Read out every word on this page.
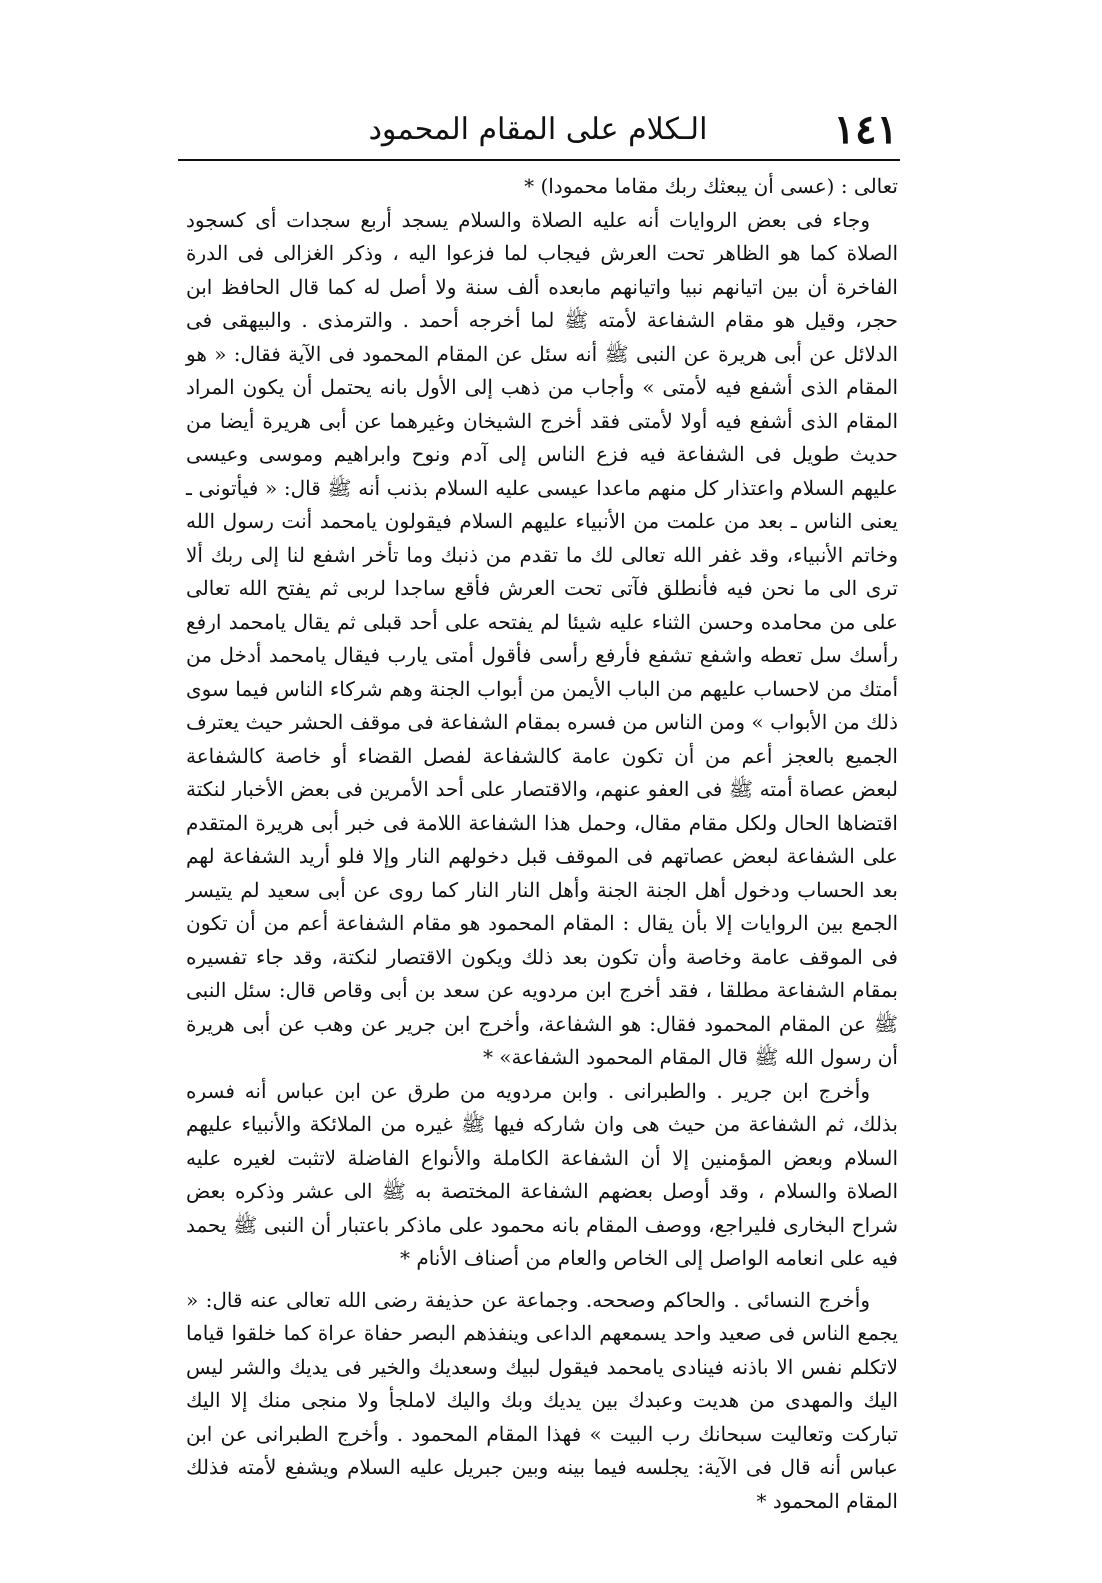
١٤١
الـكلام على المقام المحمود

تعالى : (عسى أن يبعثك ربك مقاما محمودا) *

وجاء فى بعض الروايات أنه عليه الصلاة والسلام يسجد أربع سجدات أى كسجود الصلاة كما هو الظاهر تحت العرش فيجاب لما فزعوا اليه ، وذكر الغزالى فى الدرة الفاخرة أن بين اتيانهم نبيا واتيانهم مابعده ألف سنة ولا أصل له كما قال الحافظ ابن حجر، وقيل هو مقام الشفاعة لأمته ﷺ لما أخرجه أحمد . والترمذى . والبيهقى فى الدلائل عن أبى هريرة عن النبى ﷺ أنه سئل عن المقام المحمود فى الآية فقال: « هو المقام الذى أشفع فيه لأمتى » وأجاب من ذهب إلى الأول بانه يحتمل أن يكون المراد المقام الذى أشفع فيه أولا لأمتى فقد أخرج الشيخان وغيرهما عن أبى هريرة أيضا من حديث طويل فى الشفاعة فيه فزع الناس إلى آدم ونوح وابراهيم وموسى وعيسى عليهم السلام واعتذار كل منهم ماعدا عيسى عليه السلام بذنب أنه ﷺ قال: « فيأتونى ـ يعنى الناس ـ بعد من علمت من الأنبياء عليهم السلام فيقولون يامحمد أنت رسول الله وخاتم الأنبياء، وقد غفر الله تعالى لك ما تقدم من ذنبك وما تأخر اشفع لنا إلى ربك ألا ترى الى ما نحن فيه فأنطلق فآتى تحت العرش فأقع ساجدا لربى ثم يفتح الله تعالى على من محامده وحسن الثناء عليه شيئا لم يفتحه على أحد قبلى ثم يقال يامحمد ارفع رأسك سل تعطه واشفع تشفع فأرفع رأسى فأقول أمتى يارب فيقال يامحمد أدخل من أمتك من لاحساب عليهم من الباب الأيمن من أبواب الجنة وهم شركاء الناس فيما سوى ذلك من الأبواب » ومن الناس من فسره بمقام الشفاعة فى موقف الحشر حيث يعترف الجميع بالعجز أعم من أن تكون عامة كالشفاعة لفصل القضاء أو خاصة كالشفاعة لبعض عصاة أمته ﷺ فى العفو عنهم، والاقتصار على أحد الأمرين فى بعض الأخبار لنكتة اقتضاها الحال ولكل مقام مقال، وحمل هذا الشفاعة اللامة فى خبر أبى هريرة المتقدم على الشفاعة لبعض عصاتهم فى الموقف قبل دخولهم النار وإلا فلو أريد الشفاعة لهم بعد الحساب ودخول أهل الجنة الجنة وأهل النار النار كما روى عن أبى سعيد لم يتيسر الجمع بين الروايات إلا بأن يقال : المقام المحمود هو مقام الشفاعة أعم من أن تكون فى الموقف عامة وخاصة وأن تكون بعد ذلك ويكون الاقتصار لنكتة، وقد جاء تفسيره بمقام الشفاعة مطلقا ، فقد أخرج ابن مردويه عن سعد بن أبى وقاص قال: سئل النبى ﷺ عن المقام المحمود فقال: هو الشفاعة، وأخرج ابن جرير عن وهب عن أبى هريرة أن رسول الله ﷺ قال المقام المحمود الشفاعة» *

وأخرج ابن جرير . والطبرانى . وابن مردويه من طرق عن ابن عباس أنه فسره بذلك، ثم الشفاعة من حيث هى وان شاركه فيها ﷺ غيره من الملائكة والأنبياء عليهم السلام وبعض المؤمنين إلا أن الشفاعة الكاملة والأنواع الفاضلة لاتثبت لغيره عليه الصلاة والسلام ، وقد أوصل بعضهم الشفاعة المختصة به ﷺ الى عشر وذكره بعض شراح البخارى فليراجع، ووصف المقام بانه محمود على ماذكر باعتبار أن النبى ﷺ يحمد فيه على انعامه الواصل إلى الخاص والعام من أصناف الأنام *

وأخرج النسائى . والحاكم وصححه. وجماعة عن حذيفة رضى الله تعالى عنه قال: « يجمع الناس فى صعيد واحد يسمعهم الداعى وينفذهم البصر حفاة عراة كما خلقوا قياما لاتكلم نفس الا باذنه فينادى يامحمد فيقول لبيك وسعديك والخير فى يديك والشر ليس اليك والمهدى من هديت وعبدك بين يديك وبك واليك لاملجأ ولا منجى منك إلا اليك تباركت وتعاليت سبحانك رب البيت » فهذا المقام المحمود . وأخرج الطبرانى عن ابن عباس أنه قال فى الآية: يجلسه فيما بينه وبين جبريل عليه السلام ويشفع لأمته فذلك المقام المحمود *
